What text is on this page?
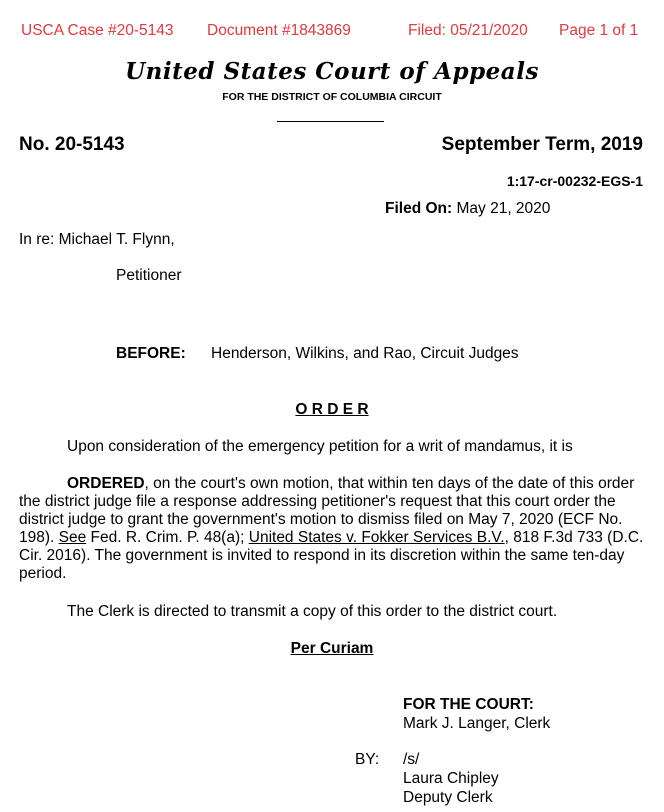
USCA Case #20-5143 Document #1843869	Filed: 05/21/2020 Page 1 of 1
United States Court of Appeals
FOR THE DISTRICT OF COLUMBIA CIRCUIT
No. 20-5143	September Term, 2019
1:17-cr-00232-EGS-1
Filed On: May 21, 2020
In re: Michael T. Flynn,
Petitioner
BEFORE: Henderson, Wilkins, and Rao, Circuit Judges
O R D E R
Upon consideration of the emergency petition for a writ of mandamus, it is
ORDERED, on the court's own motion, that within ten days of the date of this order the district judge file a response addressing petitioner's request that this court order the district judge to grant the government's motion to dismiss filed on May 7, 2020 (ECF No. 198). See Fed. R. Crim. P. 48(a); United States v. Fokker Services B.V., 818 F.3d 733 (D.C. Cir. 2016). The government is invited to respond in its discretion within the same ten-day period.
The Clerk is directed to transmit a copy of this order to the district court.
Per Curiam
FOR THE COURT:
Mark J. Langer, Clerk
BY: /s/
Laura Chipley
Deputy Clerk
